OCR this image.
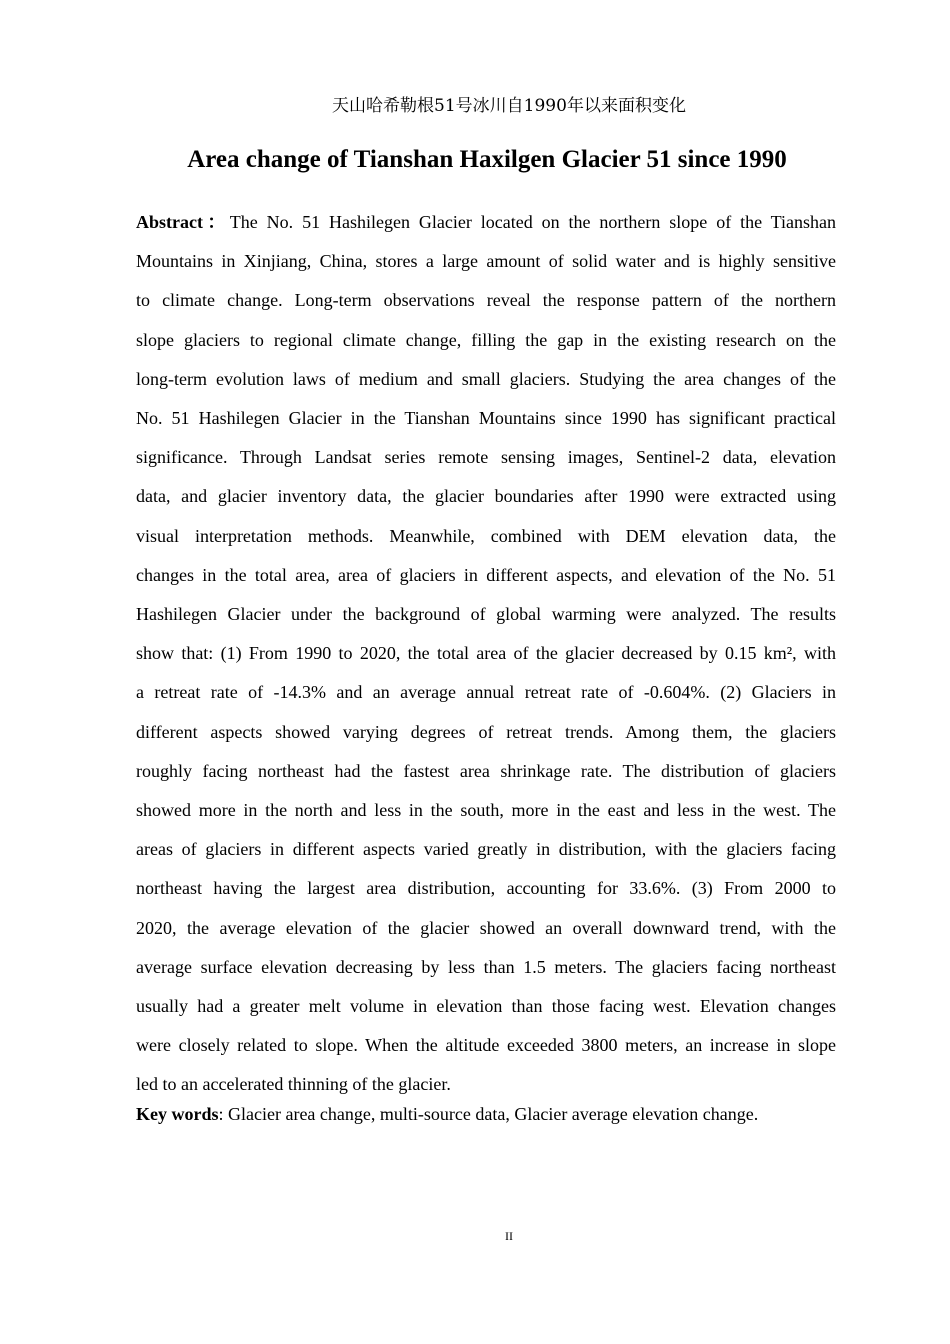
天山哈希勒根51号冰川自1990年以来面积变化
Area change of Tianshan Haxilgen Glacier 51 since 1990
Abstract：The No. 51 Hashilegen Glacier located on the northern slope of the Tianshan
Mountains in Xinjiang, China, stores a large amount of solid water and is highly sensitive
to climate change. Long-term observations reveal the response pattern of the northern
slope glaciers to regional climate change, filling the gap in the existing research on the
long-term evolution laws of medium and small glaciers. Studying the area changes of the
No. 51 Hashilegen Glacier in the Tianshan Mountains since 1990 has significant practical
significance. Through Landsat series remote sensing images, Sentinel-2 data, elevation
data, and glacier inventory data, the glacier boundaries after 1990 were extracted using
visual interpretation methods. Meanwhile, combined with DEM elevation data, the
changes in the total area, area of glaciers in different aspects, and elevation of the No. 51
Hashilegen Glacier under the background of global warming were analyzed. The results
show that: (1) From 1990 to 2020, the total area of the glacier decreased by 0.15 km², with
a retreat rate of -14.3% and an average annual retreat rate of -0.604%. (2) Glaciers in
different aspects showed varying degrees of retreat trends. Among them, the glaciers
roughly facing northeast had the fastest area shrinkage rate. The distribution of glaciers
showed more in the north and less in the south, more in the east and less in the west. The
areas of glaciers in different aspects varied greatly in distribution, with the glaciers facing
northeast having the largest area distribution, accounting for 33.6%. (3) From 2000 to
2020, the average elevation of the glacier showed an overall downward trend, with the
average surface elevation decreasing by less than 1.5 meters. The glaciers facing northeast
usually had a greater melt volume in elevation than those facing west. Elevation changes
were closely related to slope. When the altitude exceeded 3800 meters, an increase in slope
led to an accelerated thinning of the glacier.
Key words: Glacier area change, multi-source data, Glacier average elevation change.
II
